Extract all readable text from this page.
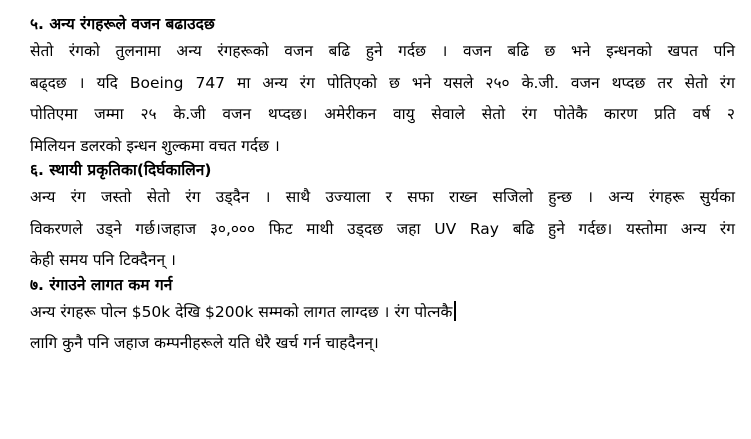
५. अन्य रंगहरूले वजन बढाउदछ
सेतो रंगको तुलनामा अन्य रंगहरूको वजन बढि हुने गर्दछ । वजन बढि छ भने इन्धनको खपत पनि
बढ्दछ । यदि Boeing 747 मा अन्य रंग पोतिएको छ भने यसले २५० के.जी. वजन थप्दछ तर सेतो रंग
पोतिएमा जम्मा २५ के.जी वजन थप्दछ। अमेरीकन वायु सेवाले सेतो रंग पोतेकै कारण प्रति वर्ष २
मिलियन डलरको इन्धन शुल्कमा वचत गर्दछ ।
६. स्थायी प्रकृतिका(दिर्घकालिन)
अन्य रंग जस्तो सेतो रंग उड्दैन । साथै उज्याला र सफा राख्न सजिलो हुन्छ । अन्य रंगहरू सुर्यका
विकरणले उड्ने गर्छ।जहाज ३०,००० फिट माथी उड्दछ जहा UV Ray बढि हुने गर्दछ। यस्तोमा अन्य रंग
केही समय पनि टिक्दैनन् ।
७. रंगाउने लागत कम गर्न
अन्य रंगहरू पोत्न $50k देखि $200k सम्मको लागत लाग्दछ । रंग पोत्नकै
लागि कुनै पनि जहाज कम्पनीहरूले यति धेरै खर्च गर्न चाहदैनन्।
